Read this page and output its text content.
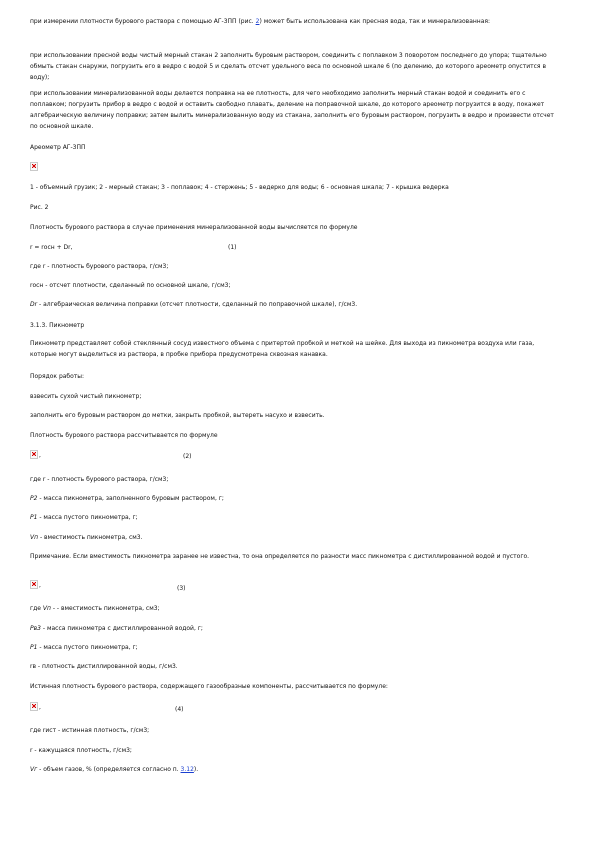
при измерении плотности бурового раствора с помощью АГ-3ПП (рис. 2) может быть использована как пресная вода, так и минерализованная:
при использовании пресной воды чистый мерный стакан 2 заполнить буровым раствором, соединить с поплавком 3 поворотом последнего до упора; тщательно обмыть стакан снаружи, погрузить его в ведро с водой 5 и сделать отсчет удельного веса по основной шкале 6 (по делению, до которого ареометр опустится в воду);
при использовании минерализованной воды делается поправка на ее плотность, для чего необходимо заполнить мерный стакан водой и соединить его с поплавком; погрузить прибор в ведро с водой и оставить свободно плавать, деление на поправочной шкале, до которого ареометр погрузится в воду, покажет алгебраическую величину поправки; затем вылить минерализованную воду из стакана, заполнить его буровым раствором, погрузить в ведро и произвести отсчет по основной шкале.
Ареометр АГ-3ПП
1 - объемный грузик; 2 - мерный стакан; 3 - поплавок; 4 - стержень; 5 - ведерко для воды; 6 - основная шкала; 7 - крышка ведерка
Рис. 2
Плотность бурового раствора в случае применения минерализованной воды вычисляется по формуле
r = rосн + Dr,	(1)
где r - плотность бурового раствора, г/см3;
rосн - отсчет плотности, сделанный по основной шкале, г/см3;
Dr - алгебраическая величина поправки (отсчет плотности, сделанный по поправочной шкале), г/см3.
3.1.3. Пикнометр
Пикнометр представляет собой стеклянный сосуд известного объема с притертой пробкой и меткой на шейке. Для выхода из пикнометра воздуха или газа, которые могут выделиться из раствора, в пробке прибора предусмотрена сквозная канавка.
Порядок работы:
взвесить сухой чистый пикнометр;
заполнить его буровым раствором до метки, закрыть пробкой, вытереть насухо и взвесить.
Плотность бурового раствора рассчитывается по формуле
,	(2)
где r - плотность бурового раствора, г/см3;
P2 - масса пикнометра, заполненного буровым раствором, г;
P1 - масса пустого пикнометра, г;
Vп - вместимость пикнометра, см3.
Примечание. Если вместимость пикнометра заранее не известна, то она определяется по разности масс пикнометра с дистиллированной водой и пустого.
,	(3)
где Vп - - вместимость пикнометра, см3;
Pв3 - масса пикнометра с дистиллированной водой, г;
P1 - масса пустого пикнометра, г;
rв - плотность дистиллированной воды, г/см3.
Истинная плотность бурового раствора, содержащего газообразные компоненты, рассчитывается по формуле:
,	(4)
где rист - истинная плотность, г/см3;
r - кажущаяся плотность, г/см3;
Vг - объем газов, % (определяется согласно п. 3.12).
